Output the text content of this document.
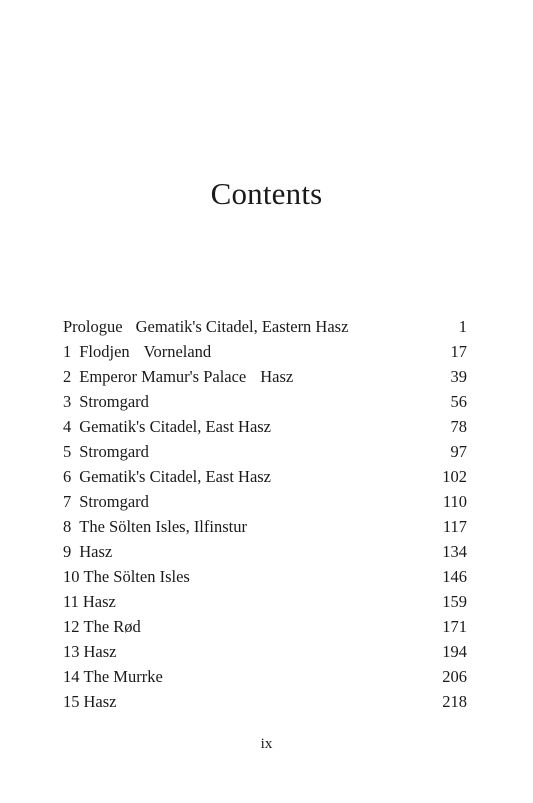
Contents
Prologue Gematik's Citadel, Eastern Hasz	1
1 Flodjen Vorneland	17
2 Emperor Mamur's Palace Hasz	39
3 Stromgard	56
4 Gematik's Citadel, East Hasz	78
5 Stromgard	97
6 Gematik's Citadel, East Hasz	102
7 Stromgard	110
8 The Sölten Isles, Ilfinstur	117
9 Hasz	134
10 The Sölten Isles	146
11 Hasz	159
12 The Rød	171
13 Hasz	194
14 The Murrke	206
15 Hasz	218
ix
